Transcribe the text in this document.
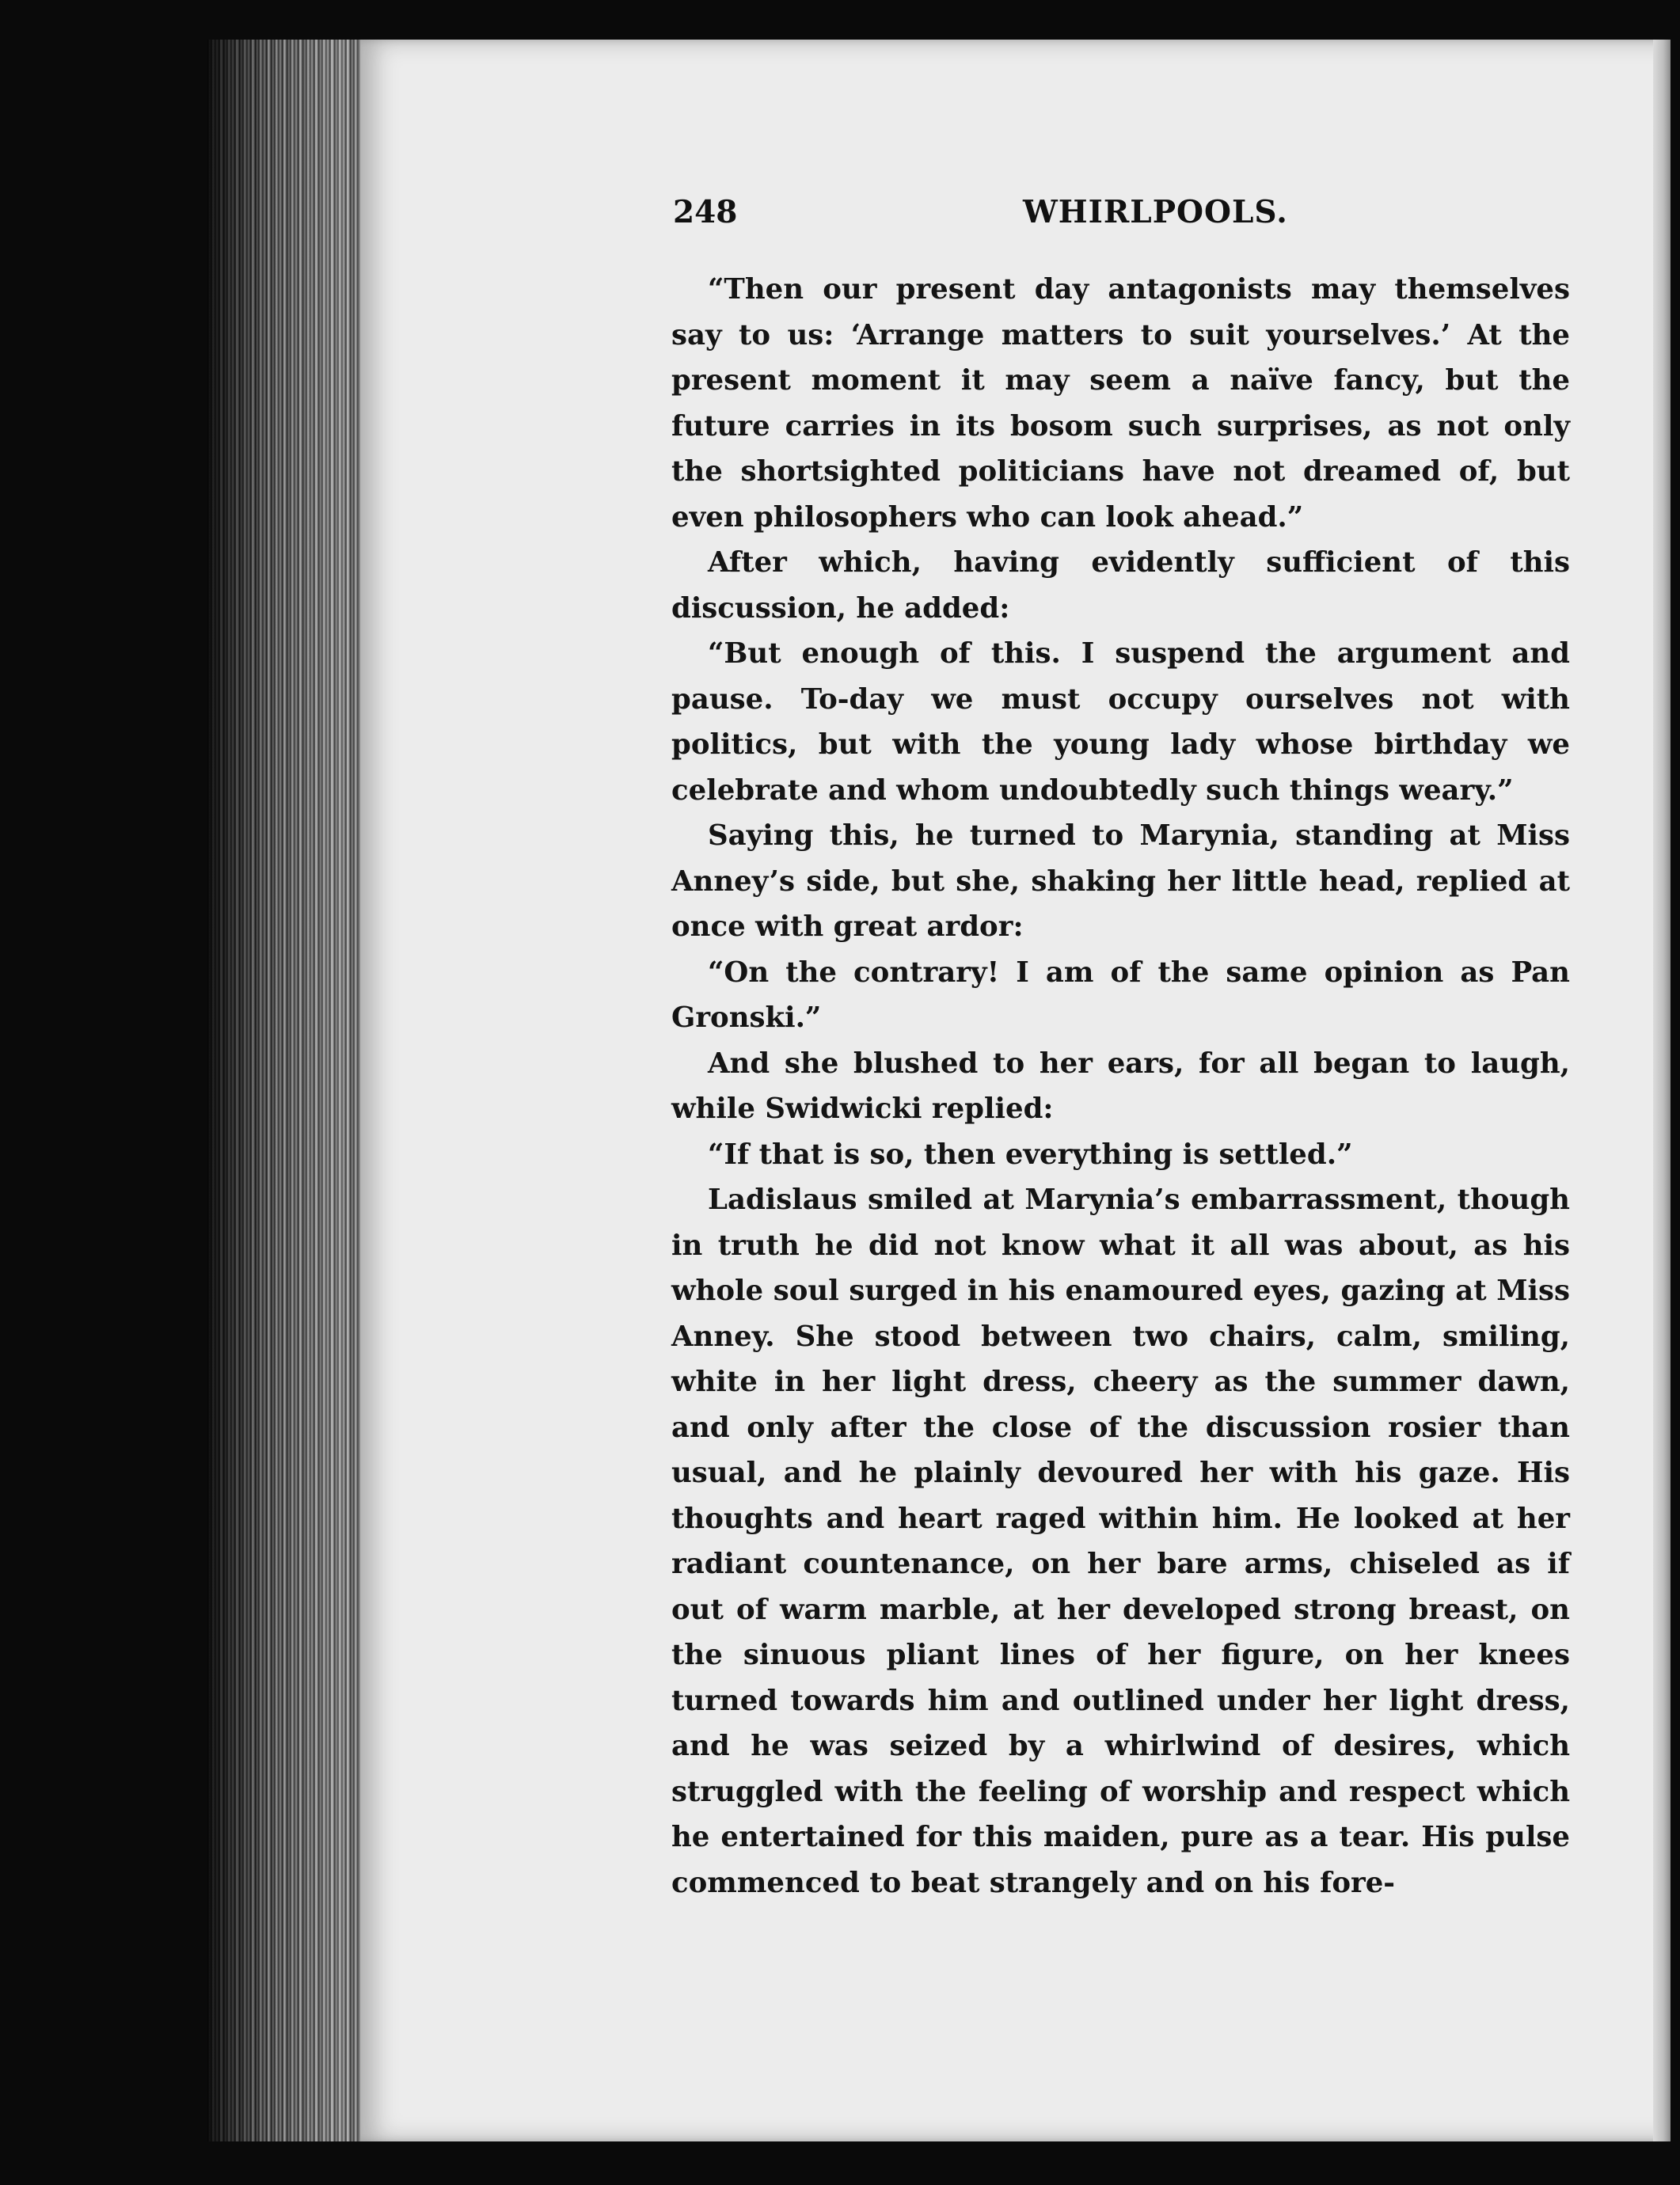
248	WHIRLPOOLS.

“Then our present day antagonists may themselves say to us: ‘Arrange matters to suit yourselves.’ At the present moment it may seem a naïve fancy, but the future carries in its bosom such surprises, as not only the shortsighted politicians have not dreamed of, but even philosophers who can look ahead.”

After which, having evidently sufficient of this discussion, he added:

“But enough of this. I suspend the argument and pause. To-day we must occupy ourselves not with politics, but with the young lady whose birthday we celebrate and whom undoubtedly such things weary.”

Saying this, he turned to Marynia, standing at Miss Anney’s side, but she, shaking her little head, replied at once with great ardor:

“On the contrary! I am of the same opinion as Pan Gronski.”

And she blushed to her ears, for all began to laugh, while Swidwicki replied:

“If that is so, then everything is settled.”

Ladislaus smiled at Marynia’s embarrassment, though in truth he did not know what it all was about, as his whole soul surged in his enamoured eyes, gazing at Miss Anney. She stood between two chairs, calm, smiling, white in her light dress, cheery as the summer dawn, and only after the close of the discussion rosier than usual, and he plainly devoured her with his gaze. His thoughts and heart raged within him. He looked at her radiant countenance, on her bare arms, chiseled as if out of warm marble, at her developed strong breast, on the sinuous pliant lines of her figure, on her knees turned towards him and outlined under her light dress, and he was seized by a whirlwind of desires, which struggled with the feeling of worship and respect which he entertained for this maiden, pure as a tear. His pulse commenced to beat strangely and on his fore-
